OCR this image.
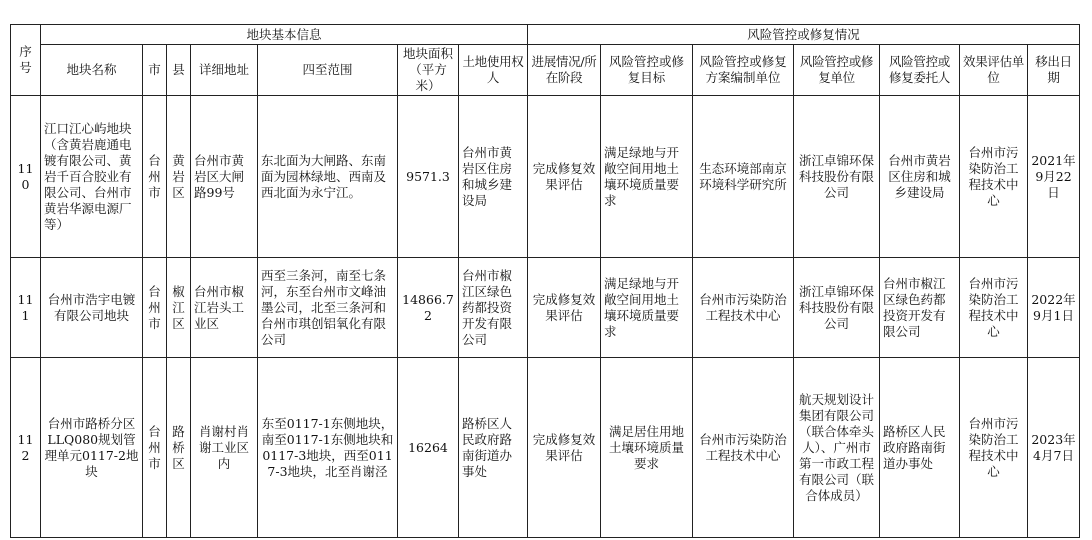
序号	地块基本信息							风险管控或修复情况						
	地块名称	市	县	详细地址	四至范围	地块面积（平方米）	土地使用权人	进展情况/所在阶段	风险管控或修复目标	风险管控或修复方案编制单位	风险管控或修复单位	风险管控或修复委托人	效果评估单位	移出日期
110	江口江心屿地块（含黄岩鹿通电镀有限公司、黄岩千百合胶业有限公司、台州市黄岩华源电源厂等）	台州市	黄岩区	台州市黄岩区大闸路99号	东北面为大闸路、东南面为园林绿地、西南及西北面为永宁江。	9571.3	台州市黄岩区住房和城乡建设局	完成修复效果评估	满足绿地与开敞空间用地土壤环境质量要求	生态环境部南京环境科学研究所	浙江卓锦环保科技股份有限公司	台州市黄岩区住房和城乡建设局	台州市污染防治工程技术中心	2021年9月22日
111	台州市浩宇电镀有限公司地块	台州市	椒江区	台州市椒江岩头工业区	西至三条河，南至七条河，东至台州市文峰油墨公司，北至三条河和台州市琪创铝氧化有限公司	14866.72	台州市椒江区绿色药都投资开发有限公司	完成修复效果评估	满足绿地与开敞空间用地土壤环境质量要求	台州市污染防治工程技术中心	浙江卓锦环保科技股份有限公司	台州市椒江区绿色药都投资开发有限公司	台州市污染防治工程技术中心	2022年9月1日
112	台州市路桥分区LLQ080规划管理单元0117-2地块	台州市	路桥区	肖谢村肖谢工业区内	东至0117-1东侧地块，南至0117-1东侧地块和0117-3地块，西至0117-3地块，北至肖谢泾	16264	路桥区人民政府路南街道办事处	完成修复效果评估	满足居住用地土壤环境质量要求	台州市污染防治工程技术中心	航天规划设计集团有限公司（联合体牵头人）、广州市第一市政工程有限公司（联合体成员）	路桥区人民政府路南街道办事处	台州市污染防治工程技术中心	2023年4月7日
